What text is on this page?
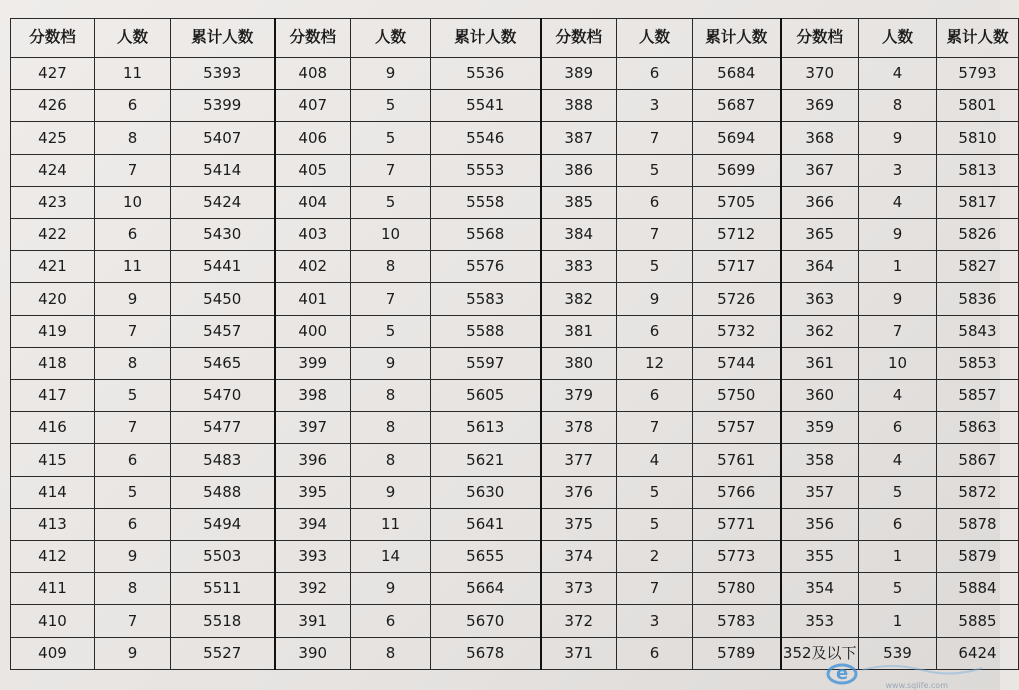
分数档	人数	累计人数	分数档	人数	累计人数	分数档	人数	累计人数	分数档	人数	累计人数
427	11	5393	408	9	5536	389	6	5684	370	4	5793
426	6	5399	407	5	5541	388	3	5687	369	8	5801
425	8	5407	406	5	5546	387	7	5694	368	9	5810
424	7	5414	405	7	5553	386	5	5699	367	3	5813
423	10	5424	404	5	5558	385	6	5705	366	4	5817
422	6	5430	403	10	5568	384	7	5712	365	9	5826
421	11	5441	402	8	5576	383	5	5717	364	1	5827
420	9	5450	401	7	5583	382	9	5726	363	9	5836
419	7	5457	400	5	5588	381	6	5732	362	7	5843
418	8	5465	399	9	5597	380	12	5744	361	10	5853
417	5	5470	398	8	5605	379	6	5750	360	4	5857
416	7	5477	397	8	5613	378	7	5757	359	6	5863
415	6	5483	396	8	5621	377	4	5761	358	4	5867
414	5	5488	395	9	5630	376	5	5766	357	5	5872
413	6	5494	394	11	5641	375	5	5771	356	6	5878
412	9	5503	393	14	5655	374	2	5773	355	1	5879
411	8	5511	392	9	5664	373	7	5780	354	5	5884
410	7	5518	391	6	5670	372	3	5783	353	1	5885
409	9	5527	390	8	5678	371	6	5789	352及以下	539	6424
e
www.sqlife.com
